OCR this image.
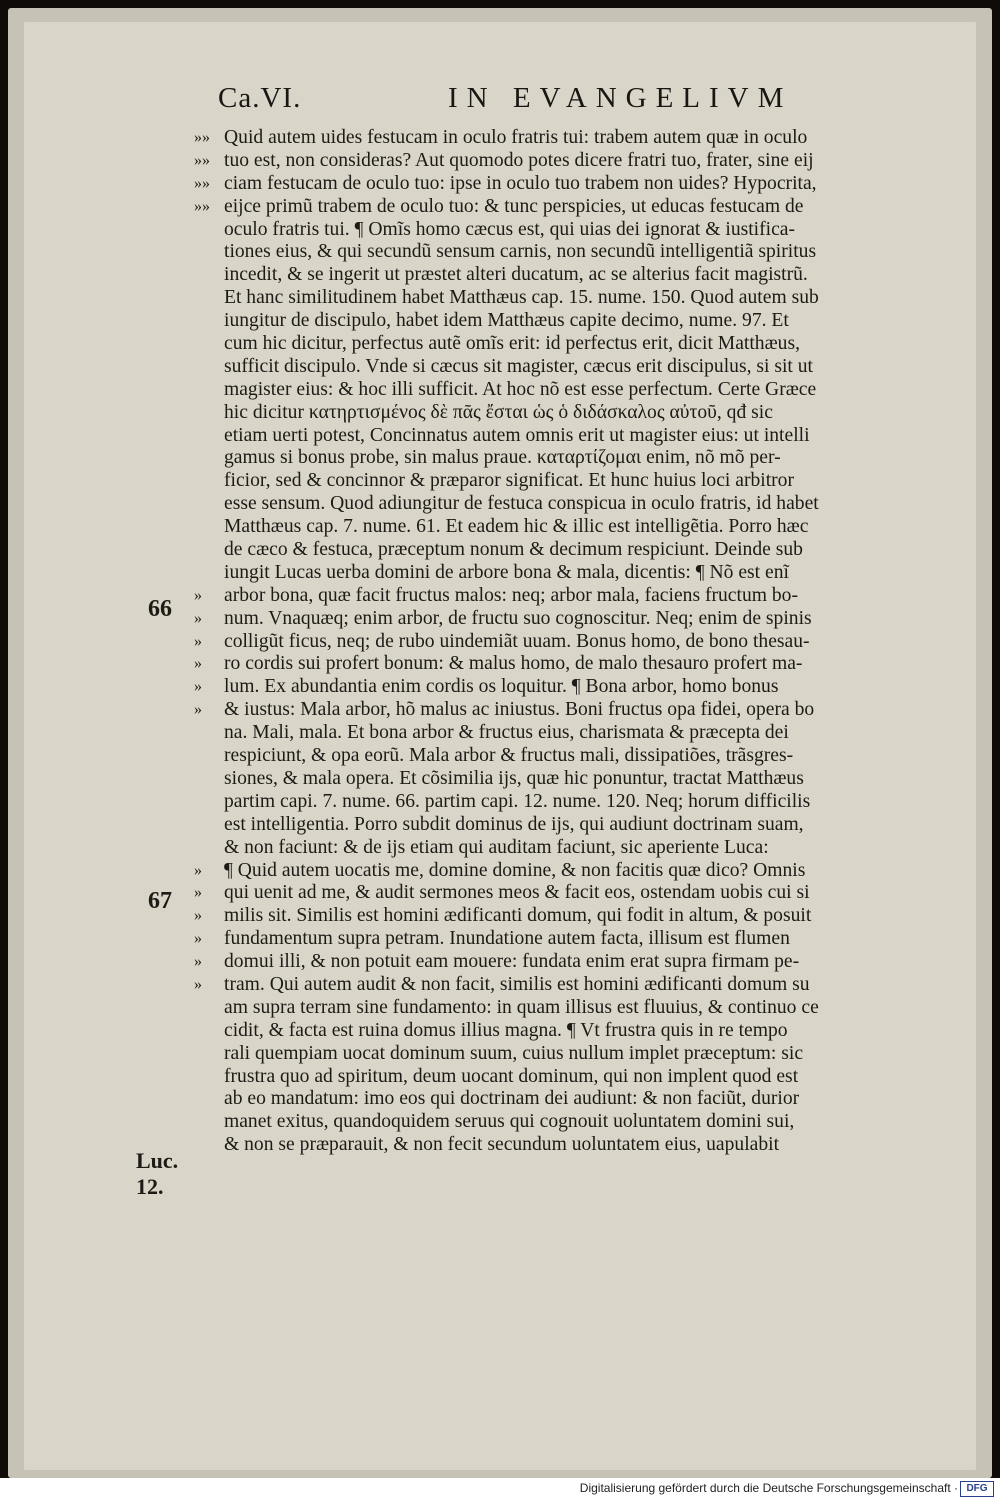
Ca.VI.	IN EVANGELIVM
»»
»»
»»
»»
»
»
»
»
»
»
»
»
»
»
»
»
Quid autem uides festucam in oculo fratris tui: trabem autem quæ in oculo
tuo est, non consideras? Aut quomodo potes dicere fratri tuo, frater, sine eij
ciam festucam de oculo tuo: ipse in oculo tuo trabem non uides? Hypocrita,
eijce primũ trabem de oculo tuo: & tunc perspicies, ut educas festucam de
oculo fratris tui. ¶ Omĩs homo cæcus est, qui uias dei ignorat & iustifica-
tiones eius, & qui secundũ sensum carnis, non secundũ intelligentiã spiritus
incedit, & se ingerit ut præstet alteri ducatum, ac se alterius facit magistrũ.
Et hanc similitudinem habet Matthæus cap. 15. nume. 150. Quod autem sub
iungitur de discipulo, habet idem Matthæus capite decimo, nume. 97. Et
cum hic dicitur, perfectus autẽ omĩs erit: id perfectus erit, dicit Matthæus,
sufficit discipulo. Vnde si cæcus sit magister, cæcus erit discipulus, si sit ut
magister eius: & hoc illi sufficit. At hoc nõ est esse perfectum. Certe Græce
hic dicitur κατηρτισμένος δὲ πᾶς ἔσται ὡς ὁ διδάσκαλος αὐτοῦ, qđ sic
etiam uerti potest, Concinnatus autem omnis erit ut magister eius: ut intelli
gamus si bonus probe, sin malus praue. καταρτίζομαι enim, nõ mõ per-
ficior, sed & concinnor & præparor significat. Et hunc huius loci arbitror
esse sensum. Quod adiungitur de festuca conspicua in oculo fratris, id habet
Matthæus cap. 7. nume. 61. Et eadem hic & illic est intelligẽtia. Porro hæc
de cæco & festuca, præceptum nonum & decimum respiciunt. Deinde sub
iungit Lucas uerba domini de arbore bona & mala, dicentis: ¶ Nõ est enĩ
arbor bona, quæ facit fructus malos: neq; arbor mala, faciens fructum bo-
num. Vnaquæq; enim arbor, de fructu suo cognoscitur. Neq; enim de spinis
colligũt ficus, neq; de rubo uindemiãt uuam. Bonus homo, de bono thesau-
ro cordis sui profert bonum: & malus homo, de malo thesauro profert ma-
lum. Ex abundantia enim cordis os loquitur. ¶ Bona arbor, homo bonus
& iustus: Mala arbor, hõ malus ac iniustus. Boni fructus opa fidei, opera bo
na. Mali, mala. Et bona arbor & fructus eius, charismata & præcepta dei
respiciunt, & opa eorũ. Mala arbor & fructus mali, dissipatiões, trãsgres-
siones, & mala opera. Et cõsimilia ijs, quæ hic ponuntur, tractat Matthæus
partim capi. 7. nume. 66. partim capi. 12. nume. 120. Neq; horum difficilis
est intelligentia. Porro subdit dominus de ijs, qui audiunt doctrinam suam,
& non faciunt: & de ijs etiam qui auditam faciunt, sic aperiente Luca:
¶ Quid autem uocatis me, domine domine, & non facitis quæ dico? Omnis
qui uenit ad me, & audit sermones meos & facit eos, ostendam uobis cui si
milis sit. Similis est homini ædificanti domum, qui fodit in altum, & posuit
fundamentum supra petram. Inundatione autem facta, illisum est flumen
domui illi, & non potuit eam mouere: fundata enim erat supra firmam pe-
tram. Qui autem audit & non facit, similis est homini ædificanti domum su
am supra terram sine fundamento: in quam illisus est fluuius, & continuo ce
cidit, & facta est ruina domus illius magna. ¶ Vt frustra quis in re tempo
rali quempiam uocat dominum suum, cuius nullum implet præceptum: sic
frustra quo ad spiritum, deum uocant dominum, qui non implent quod est
ab eo mandatum: imo eos qui doctrinam dei audiunt: & non faciũt, durior
manet exitus, quandoquidem seruus qui cognouit uoluntatem domini sui,
& non se præparauit, & non fecit secundum uoluntatem eius, uapulabit
66
67
Luc.
12.
Digitalisierung gefördert durch die Deutsche Forschungsgemeinschaft · DFG
